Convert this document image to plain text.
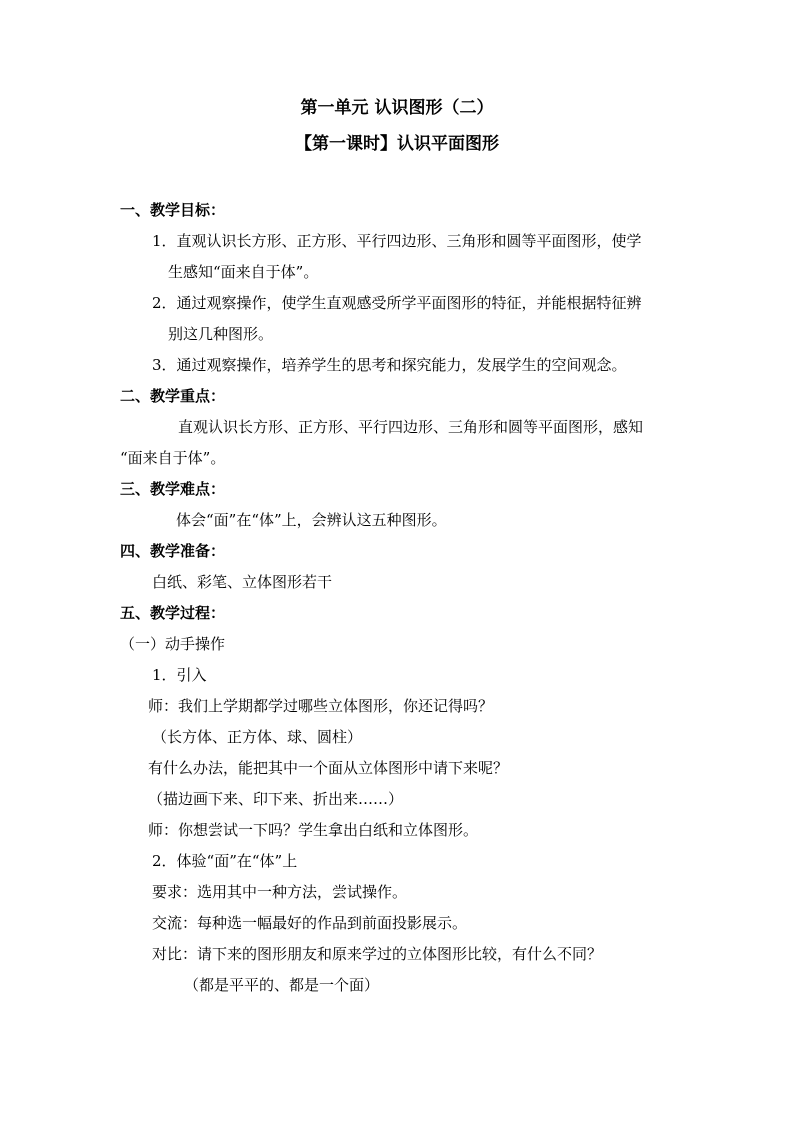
第一单元 认识图形（二）
【第一课时】认识平面图形
一、教学目标：
1．直观认识长方形、正方形、平行四边形、三角形和圆等平面图形，使学
生感知“面来自于体”。
2．通过观察操作，使学生直观感受所学平面图形的特征，并能根据特征辨
别这几种图形。
3．通过观察操作，培养学生的思考和探究能力，发展学生的空间观念。
二、教学重点：
直观认识长方形、正方形、平行四边形、三角形和圆等平面图形，感知
“面来自于体”。
三、教学难点：
体会“面”在“体”上，会辨认这五种图形。
四、教学准备：
白纸、彩笔、立体图形若干
五、教学过程：
（一）动手操作
1．引入
师：我们上学期都学过哪些立体图形，你还记得吗？
（长方体、正方体、球、圆柱）
有什么办法，能把其中一个面从立体图形中请下来呢？
（描边画下来、印下来、折出来……）
师：你想尝试一下吗？学生拿出白纸和立体图形。
2．体验“面”在“体”上
要求：选用其中一种方法，尝试操作。
交流：每种选一幅最好的作品到前面投影展示。
对比：请下来的图形朋友和原来学过的立体图形比较，有什么不同？
（都是平平的、都是一个面）
